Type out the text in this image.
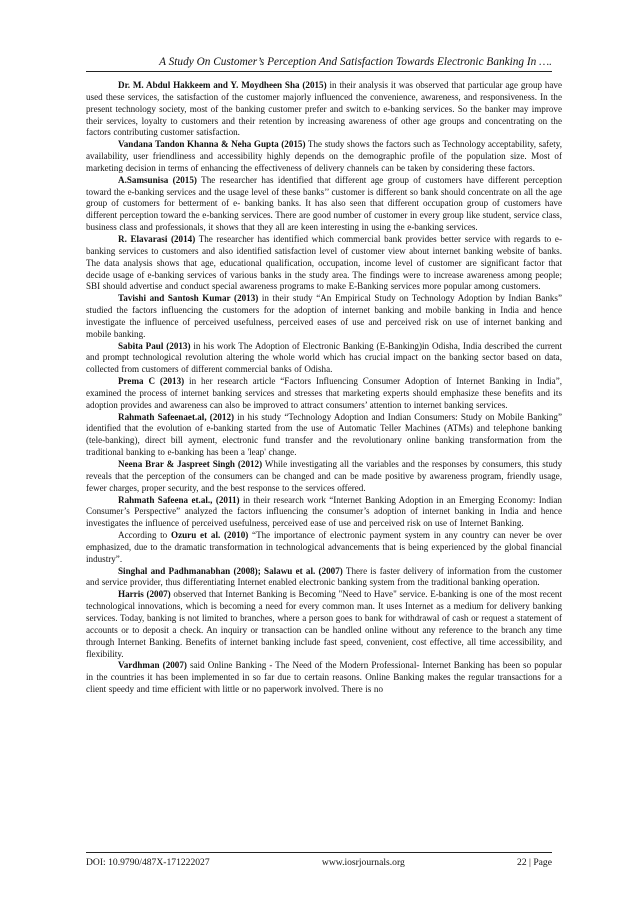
A Study On Customer’s Perception And Satisfaction Towards Electronic Banking In ….

Dr. M. Abdul Hakkeem and Y. Moydheen Sha (2015) in their analysis it was observed that particular age group have used these services, the satisfaction of the customer majorly influenced the convenience, awareness, and responsiveness. In the present technology society, most of the banking customer prefer and switch to e-banking services. So the banker may improve their services, loyalty to customers and their retention by increasing awareness of other age groups and concentrating on the factors contributing customer satisfaction.

Vandana Tandon Khanna & Neha Gupta (2015) The study shows the factors such as Technology acceptability, safety, availability, user friendliness and accessibility highly depends on the demographic profile of the population size. Most of marketing decision in terms of enhancing the effectiveness of delivery channels can be taken by considering these factors.

A.Samsunisa (2015) The researcher has identified that different age group of customers have different perception toward the e-banking services and the usage level of these banks’’ customer is different so bank should concentrate on all the age group of customers for betterment of e- banking banks. It has also seen that different occupation group of customers have different perception toward the e-banking services. There are good number of customer in every group like student, service class, business class and professionals, it shows that they all are keen interesting in using the e-banking services.

R. Elavarasi (2014) The researcher has identified which commercial bank provides better service with regards to e-banking services to customers and also identified satisfaction level of customer view about internet banking website of banks. The data analysis shows that age, educational qualification, occupation, income level of customer are significant factor that decide usage of e-banking services of various banks in the study area. The findings were to increase awareness among people; SBI should advertise and conduct special awareness programs to make E-Banking services more popular among customers.

Tavishi and Santosh Kumar (2013) in their study “An Empirical Study on Technology Adoption by Indian Banks” studied the factors influencing the customers for the adoption of internet banking and mobile banking in India and hence investigate the influence of perceived usefulness, perceived eases of use and perceived risk on use of internet banking and mobile banking.

Sabita Paul (2013) in his work The Adoption of Electronic Banking (E-Banking)in Odisha, India described the current and prompt technological revolution altering the whole world which has crucial impact on the banking sector based on data, collected from customers of different commercial banks of Odisha.

Prema C (2013) in her research article “Factors Influencing Consumer Adoption of Internet Banking in India”, examined the process of internet banking services and stresses that marketing experts should emphasize these benefits and its adoption provides and awareness can also be improved to attract consumers’ attention to internet banking services.

Rahmath Safeenaet.al, (2012) in his study “Technology Adoption and Indian Consumers: Study on Mobile Banking” identified that the evolution of e-banking started from the use of Automatic Teller Machines (ATMs) and telephone banking (tele-banking), direct bill ayment, electronic fund transfer and the revolutionary online banking transformation from the traditional banking to e-banking has been a 'leap' change.

Neena Brar & Jaspreet Singh (2012) While investigating all the variables and the responses by consumers, this study reveals that the perception of the consumers can be changed and can be made positive by awareness program, friendly usage, fewer charges, proper security, and the best response to the services offered.

Rahmath Safeena et.al., (2011) in their research work “Internet Banking Adoption in an Emerging Economy: Indian Consumer’s Perspective” analyzed the factors influencing the consumer’s adoption of internet banking in India and hence investigates the influence of perceived usefulness, perceived ease of use and perceived risk on use of Internet Banking.

According to Ozuru et al. (2010) “The importance of electronic payment system in any country can never be over emphasized, due to the dramatic transformation in technological advancements that is being experienced by the global financial industry”.

Singhal and Padhmanabhan (2008); Salawu et al. (2007) There is faster delivery of information from the customer and service provider, thus differentiating Internet enabled electronic banking system from the traditional banking operation.

Harris (2007) observed that Internet Banking is Becoming "Need to Have" service. E-banking is one of the most recent technological innovations, which is becoming a need for every common man. It uses Internet as a medium for delivery banking services. Today, banking is not limited to branches, where a person goes to bank for withdrawal of cash or request a statement of accounts or to deposit a check. An inquiry or transaction can be handled online without any reference to the branch any time through Internet Banking. Benefits of internet banking include fast speed, convenient, cost effective, all time accessibility, and flexibility.

Vardhman (2007) said Online Banking - The Need of the Modern Professional- Internet Banking has been so popular in the countries it has been implemented in so far due to certain reasons. Online Banking makes the regular transactions for a client speedy and time efficient with little or no paperwork involved. There is no

DOI: 10.9790/487X-171222027	www.iosrjournals.org	22 | Page
